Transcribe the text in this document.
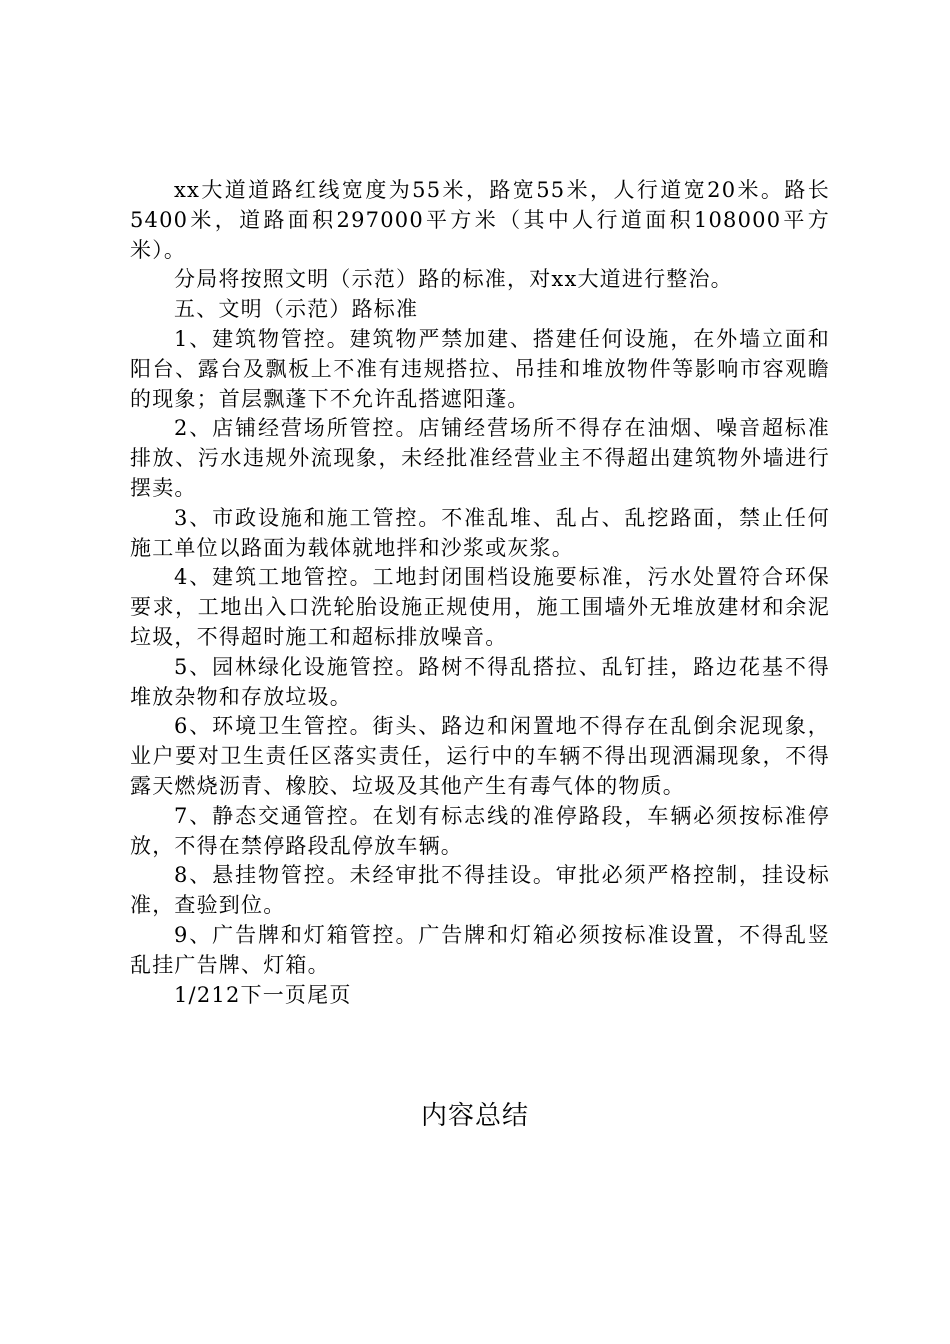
xx大道道路红线宽度为55米，路宽55米，人行道宽20米。路长5400米，道路面积297000平方米（其中人行道面积108000平方米）。

分局将按照文明（示范）路的标准，对xx大道进行整治。

五、文明（示范）路标准

1、建筑物管控。建筑物严禁加建、搭建任何设施，在外墙立面和阳台、露台及飘板上不准有违规搭拉、吊挂和堆放物件等影响市容观瞻的现象；首层飘蓬下不允许乱搭遮阳蓬。

2、店铺经营场所管控。店铺经营场所不得存在油烟、噪音超标准排放、污水违规外流现象，未经批准经营业主不得超出建筑物外墙进行摆卖。

3、市政设施和施工管控。不准乱堆、乱占、乱挖路面，禁止任何施工单位以路面为载体就地拌和沙浆或灰浆。

4、建筑工地管控。工地封闭围档设施要标准，污水处置符合环保要求，工地出入口洗轮胎设施正规使用，施工围墙外无堆放建材和余泥垃圾，不得超时施工和超标排放噪音。

5、园林绿化设施管控。路树不得乱搭拉、乱钉挂，路边花基不得堆放杂物和存放垃圾。

6、环境卫生管控。街头、路边和闲置地不得存在乱倒余泥现象，业户要对卫生责任区落实责任，运行中的车辆不得出现洒漏现象，不得露天燃烧沥青、橡胶、垃圾及其他产生有毒气体的物质。

7、静态交通管控。在划有标志线的准停路段，车辆必须按标准停放，不得在禁停路段乱停放车辆。

8、悬挂物管控。未经审批不得挂设。审批必须严格控制，挂设标准，查验到位。

9、广告牌和灯箱管控。广告牌和灯箱必须按标准设置，不得乱竖乱挂广告牌、灯箱。

1/212下一页尾页

内容总结
